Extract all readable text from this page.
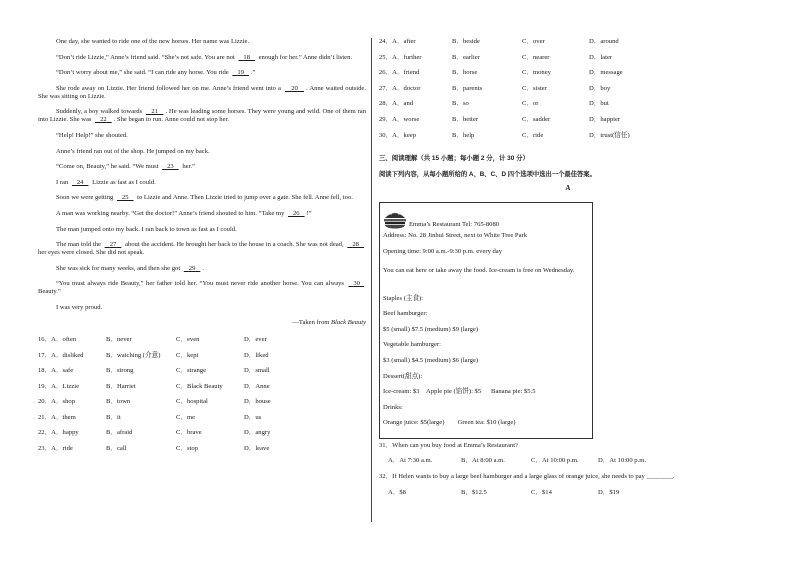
One day, she wanted to ride one of the new horses. Her name was Lizzie.

“Don’t ride Lizzie,” Anne’s friend said. “She’s not safe. You are not 18 enough for her.” Anne didn’t listen.

“Don’t worry about me,” she said. “I can ride any horse. You ride 19 .”

She rode away on Lizzie. Her friend followed her on me. Anne’s friend went into a 20 . Anne waited outside. She was sitting on Lizzie.

Suddenly, a boy walked towards 21 . He was leading some horses. They were young and wild. One of them ran into Lizzie. She was 22 . She began to run. Anne could not stop her.

“Help! Help!” she shouted.

Anne’s friend ran out of the shop. He jumped on my back.

“Come on, Beauty,” he said. “We must 23 her.”

I ran 24 Lizzie as fast as I could.

Soon we were getting 25 to Lizzie and Anne. Then Lizzie tried to jump over a gate. She fell. Anne fell, too.

A man was working nearby. “Get the doctor!” Anne’s friend shouted to him. “Take my 26 !”

The man jumped onto my back. I ran back to town as fast as I could.

The man told the 27 about the accident. He brought her back to the house in a coach. She was not dead, 28    her eyes were closed. She did not speak.

She was sick for many weeks, and then she got 29 .

“You must always ride Beauty,” her father told her. “You must never ride another horse. You can always 30   Beauty.”

I was very proud.

—Taken from Black Beauty
16．A．often	B．never	C．even	D．ever
17．A．disliked	B．watching (介意)	C．kept	D．liked
18．A．safe	B．strong	C．strange	D．small
19．A．Lizzie	B．Harriet	C．Black Beauty	D．Anne
20．A．shop	B．town	C．hospital	D．house
21．A．them	B．it	C．me	D．us
22．A．happy	B．afraid	C．brave	D．angry
23．A．ride	B．call	C．stop	D．leave
24．A．after	B．beside	C．over	D．around
25．A．further	B．earlier	C．nearer	D．later
26．A．friend	B．horse	C．money	D．message
27．A．doctor	B．parents	C．sister	D．boy
28．A．and	B．so	C．or	D．but
29．A．worse	B．better	C．sadder	D．happier
30．A．keep	B．help	C．ride	D．trust(信任)
三、阅读理解（共 15 小题；每小题 2 分，计 30 分）
阅读下列内容，从每小题所给的 A、B、C、D 四个选项中选出一个最佳答案。
A
Emma’s Restaurant Tel: 765-8080
Address: No. 28 Jinhui Street, next to White Tree Park
Opening time: 9:00 a.m.-9:30 p.m. every day
You can eat here or take away the food. Ice-cream is free on Wednesday.
Staples (主食):
Beef hamburger:
$5 (small) $7.5 (medium) $9 (large)
Vegetable hamburger:
$3 (small) $4.5 (medium) $6 (large)
Dessert(甜点):
Ice-cream: $3 Apple pie (馅饼): $5 Banana pie: $5.5
Drinks:
Orange juice: $5(large) Green tea: $10 (large)
31．When can you buy food at Emma’s Restaurant?
A．At 7:30 a.m.	B．At 8:00 a.m.	C．At 10:00 p.m.	D．At 10:00 p.m.
32．If Helen wants to buy a large beef hamburger and a large glass of orange juice, she needs to pay ________.
A．$8	B．$12.5	C．$14	D．$19
